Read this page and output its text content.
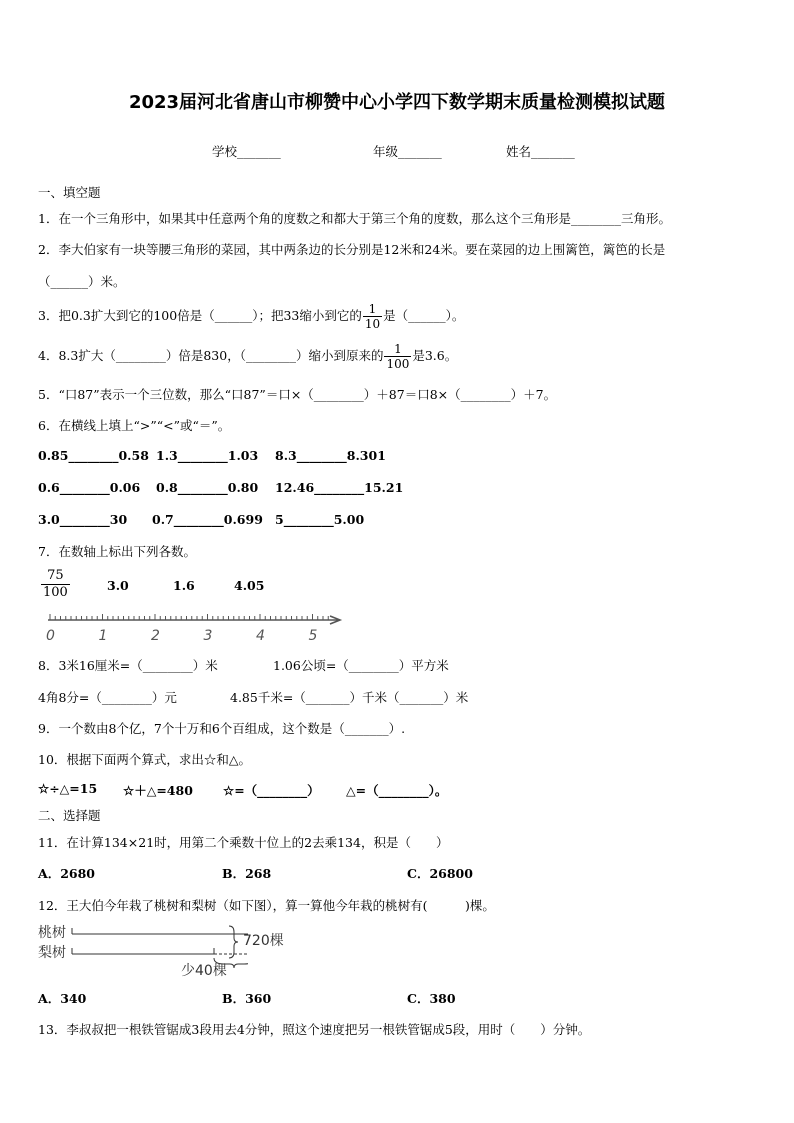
2023届河北省唐山市柳赞中心小学四下数学期末质量检测模拟试题
学校_______	年级_______	姓名_______
一、填空题
1．在一个三角形中，如果其中任意两个角的度数之和都大于第三个角的度数，那么这个三角形是________三角形。
2．李大伯家有一块等腰三角形的菜园，其中两条边的长分别是12米和24米。要在菜园的边上围篱笆，篱笆的长是
（______）米。
3．把0.3扩大到它的100倍是（______）；把33缩小到它的 $\frac{1}{10}$ 是（______）。
4．8.3扩大（________）倍是830，（________）缩小到原来的 $\frac{1}{100}$ 是3.6。
5．“口87”表示一个三位数，那么“口87”＝口×（________）＋87＝口8×（________）＋7。
6．在横线上填上“>”“<”或“＝”。
0.85________0.58 1.3________1.03 8.3________8.301
0.6________0.06 0.8________0.80 12.46________15.21
3.0________30 0.7________0.699 5________5.00
7．在数轴上标出下列各数。
$\frac{75}{100}$	3.0	1.6	4.05
0	1	2	3	4	5
8．3米16厘米=（________）米	1.06公顷=（________）平方米
4角8分=（________）元	4.85千米=（_______）千米（_______）米
9．一个数由8个亿，7个十万和6个百组成，这个数是（_______）.
10．根据下面两个算式，求出☆和△。
☆÷△=15 ☆＋△=480 ☆=（________） △=（________）。
二、选择题
11．在计算134×21时，用第二个乘数十位上的2去乘134，积是（　　）
A．2680	B．268	C．26800
12．王大伯今年栽了桃树和梨树（如下图），算一算他今年栽的桃树有(　　　)棵。
桃树
梨树
720棵
少40棵
A．340	B．360	C．380
13．李叔叔把一根铁管锯成3段用去4分钟，照这个速度把另一根铁管锯成5段，用时（　　）分钟。
